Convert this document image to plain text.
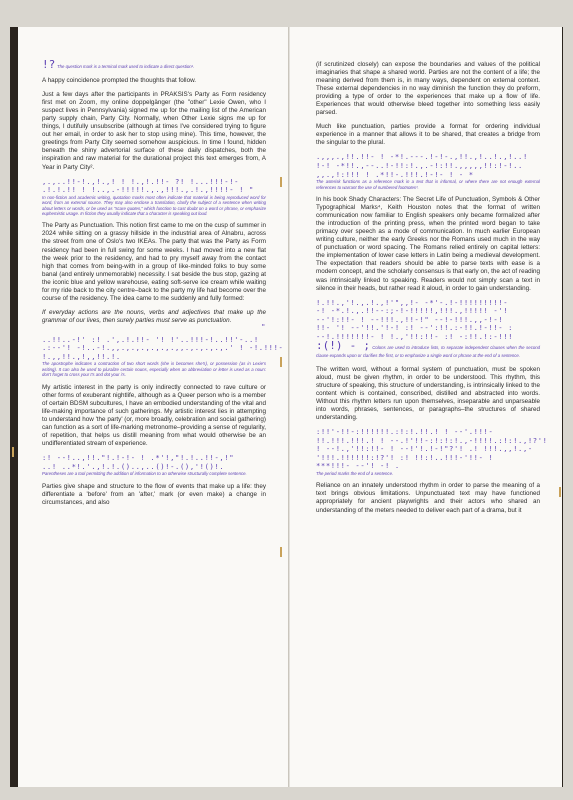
!? The question mark is a terminal mark used to indicate a direct question¹.

A happy coincidence prompted the thoughts that follow.

Just a few days after the participants in PRAKSIS's Party as Form residency first met on Zoom, my online doppelgänger (the "other" Lexie Owen, who I suspect lives in Pennsylvania) signed me up for the mailing list of the American party supply chain, Party City. Normally, when Other Lexie signs me up for things, I dutifully unsubscribe (although at times I've considered trying to figure out her email, in order to ask her to stop using mine). This time, however, the greetings from Party City seemed somehow auspicious. In time I found, hidden beneath the shiny advertorial surface of these daily dispatches, both the inspiration and raw material for the durational project this text emerges from, A Year in Party City².

,.,..!!-!.,!.,! ! !.,!.!!- ?! !...!!!-!-
.!.!.!! ! !..,.-!!!!!.,.,!!!.,.!.,!!!!- ! "

In non-fiction and academic writing, quotation marks most often indicate that material is being reproduced word for word, from an external source. They may also enclose a translation, clarify the subject of a sentence when writing about letters or words, or be used as "scare quotes," which function to cast doubt on a word or phrase, or emphasize euphemistic usage. In fiction they usually indicate that a character is speaking out loud.

The Party as Punctuation. This notion first came to me on the cusp of summer in 2024 while sitting on a grassy hillside in the industrial area of Alnabru, across the street from one of Oslo's two IKEAs. The party that was the Party as Form residency had been in full swing for some weeks. I had moved into a new flat the week prior to the residency, and had to pry myself away from the contact high that comes from being-with in a group of like-minded folks to buy some banal (and entirely unmemorable) necessity. I sat beside the bus stop, gazing at the iconic blue and yellow warehouse, eating soft-serve ice cream while waiting for my ride back to the city centre–back to the party my life had become over the course of the residency. The idea came to me suddenly and fully formed:

If everyday actions are the nouns, verbs and adjectives that make up the grammar of our lives, then surely parties must serve as punctuation.

"
..!!..-!' :! .',.!.!!- '! !'..!!!-!..!!'-..!
.:--'! -!..-!.,,.,.,.,.,.,.,,.,.,.,.,.' ! -!.!!!-
!.,,!!.,!,,!!.!.

The apostrophe indicates a contraction of two short words (she is becomes she's), or possession (as in Lexie's writing). It can also be used to pluralize certain nouns, especially when an abbreviation or letter is used as a noun: don't forget to cross your t's and dot your i's.

My artistic interest in the party is only indirectly connected to rave culture or other forms of exuberant nightlife, although as a Queer person who is a member of certain BDSM subcultures, I have an embodied understanding of the vital and life-making importance of such gatherings. My artistic interest lies in attempting to understand how 'the party' (or, more broadly, celebration and social gathering) can function as a sort of life-marking metronome–providing a sense of regularity, of repetition, that helps us distill meaning from what would otherwise be an undifferentiated stream of experience.

:! --!..,!!."!.!-!- ! .*'!,"!.!..!!-,!"
..! ..*!.'.,!.!.()..,..()!-.(),'!()!.

Parentheses are a tool permitting the addition of information to an otherwise structurally complete sentence.

Parties give shape and structure to the flow of events that make up a life: they differentiate a 'before' from an 'after,' mark (or even make) a change in circumstances, and also

(if scrutinized closely) can expose the boundaries and values of the political imaginaries that shape a shared world. Parties are not the content of a life; the meaning derived from them is, in many ways, dependent on external context. These external dependencies in no way diminish the function they do preform, providing a type of order to the experiences that make up a flow of life. Experiences that would otherwise bleed together into something less easily parsed.

Much like punctuation, parties provide a format for ordering individual experience in a manner that allows it to be shared, that creates a bridge from the singular to the plural.

.,,,.,!!.!!- ! -*!.---.!-!-.,!!.,!..!.,!..!
!-! -*!!.,--..!-!!:!.,.-!:!!.,,,,,!!:!-!..
,,.,!:!!! ! .*!!-.!!!.!-!- ! - *

The asterisk functions as a reference mark in a text that is informal, or where there are not enough external references to warrant the use of numbered footnotes³.

In his book Shady Characters: The Secret Life of Punctuation, Symbols & Other Typographical Marks⁴, Keith Houston notes that the format of written communication now familiar to English speakers only became formalized after the introduction of the printing press, when the printed word began to take primacy over speech as a mode of communication. In much earlier European writing culture, neither the early Greeks nor the Romans used much in the way of punctuation or word spacing. The Romans relied entirely on capital letters: the implementation of lower case letters in Latin being a medieval development. The expectation that readers should be able to parse texts with ease is a modern concept, and the scholarly consensus is that early on, the act of reading was intrinsically linked to speaking. Readers would not simply scan a text in silence in their heads, but rather read it aloud, in order to gain understanding.

!.!!.,'!.,.!.,!'",,!- -*'-.!-!!!!!!!!!-
-! -*.!.,.!!--:;-!-!!!!!,!!!.,!!!!! -'!
--'!:!!- ! --!!!.,!!-!" --!-!!!.,,-!-!
!!- '! --'!!.'!-! :! --':!!.:-!!.!-!!- :
--!.!!!!!!!- ! !.,'!!:!!- :! -:!!.!:-!!!

:(!) - ; Colons are used to introduce lists, to separate independent clauses when the second clause expands upon or clarifies the first, or to emphasize a single word or phrase at the end of a sentence.

The written word, without a formal system of punctuation, must be spoken aloud, must be given rhythm, in order to be understood. This rhythm, this structure of speaking, this structure of understanding, is intrinsically linked to the content which is contained, conscribed, distilled and abstracted into words. Without this rhythm letters run upon themselves, inseparable and unparseable into words, phrases, sentences, or paragraphs–the structures of shared understanding.

:!!'-!!-:!!!!!!.:!:!.!!.! ! --'.!!!-
!!.!!!.!!!.! ! --.!'!!-:!:!:!.,-!!!!.:!:!.,!?'!
! --!.,'!!:!!- ! --!'!.!-!"?'! .! !!!.,,!.,-
'!!!.!!!!!!:!?'! :! !!:!..!!!-'!!- !
***!!!- --'! -! .

The period marks the end of a sentence.

Reliance on an innately understood rhythm in order to parse the meaning of a text brings obvious limitations. Unpunctuated text may have functioned appropriately for ancient playwrights and their actors who shared an understanding of the meters needed to deliver each part of a drama, but it
